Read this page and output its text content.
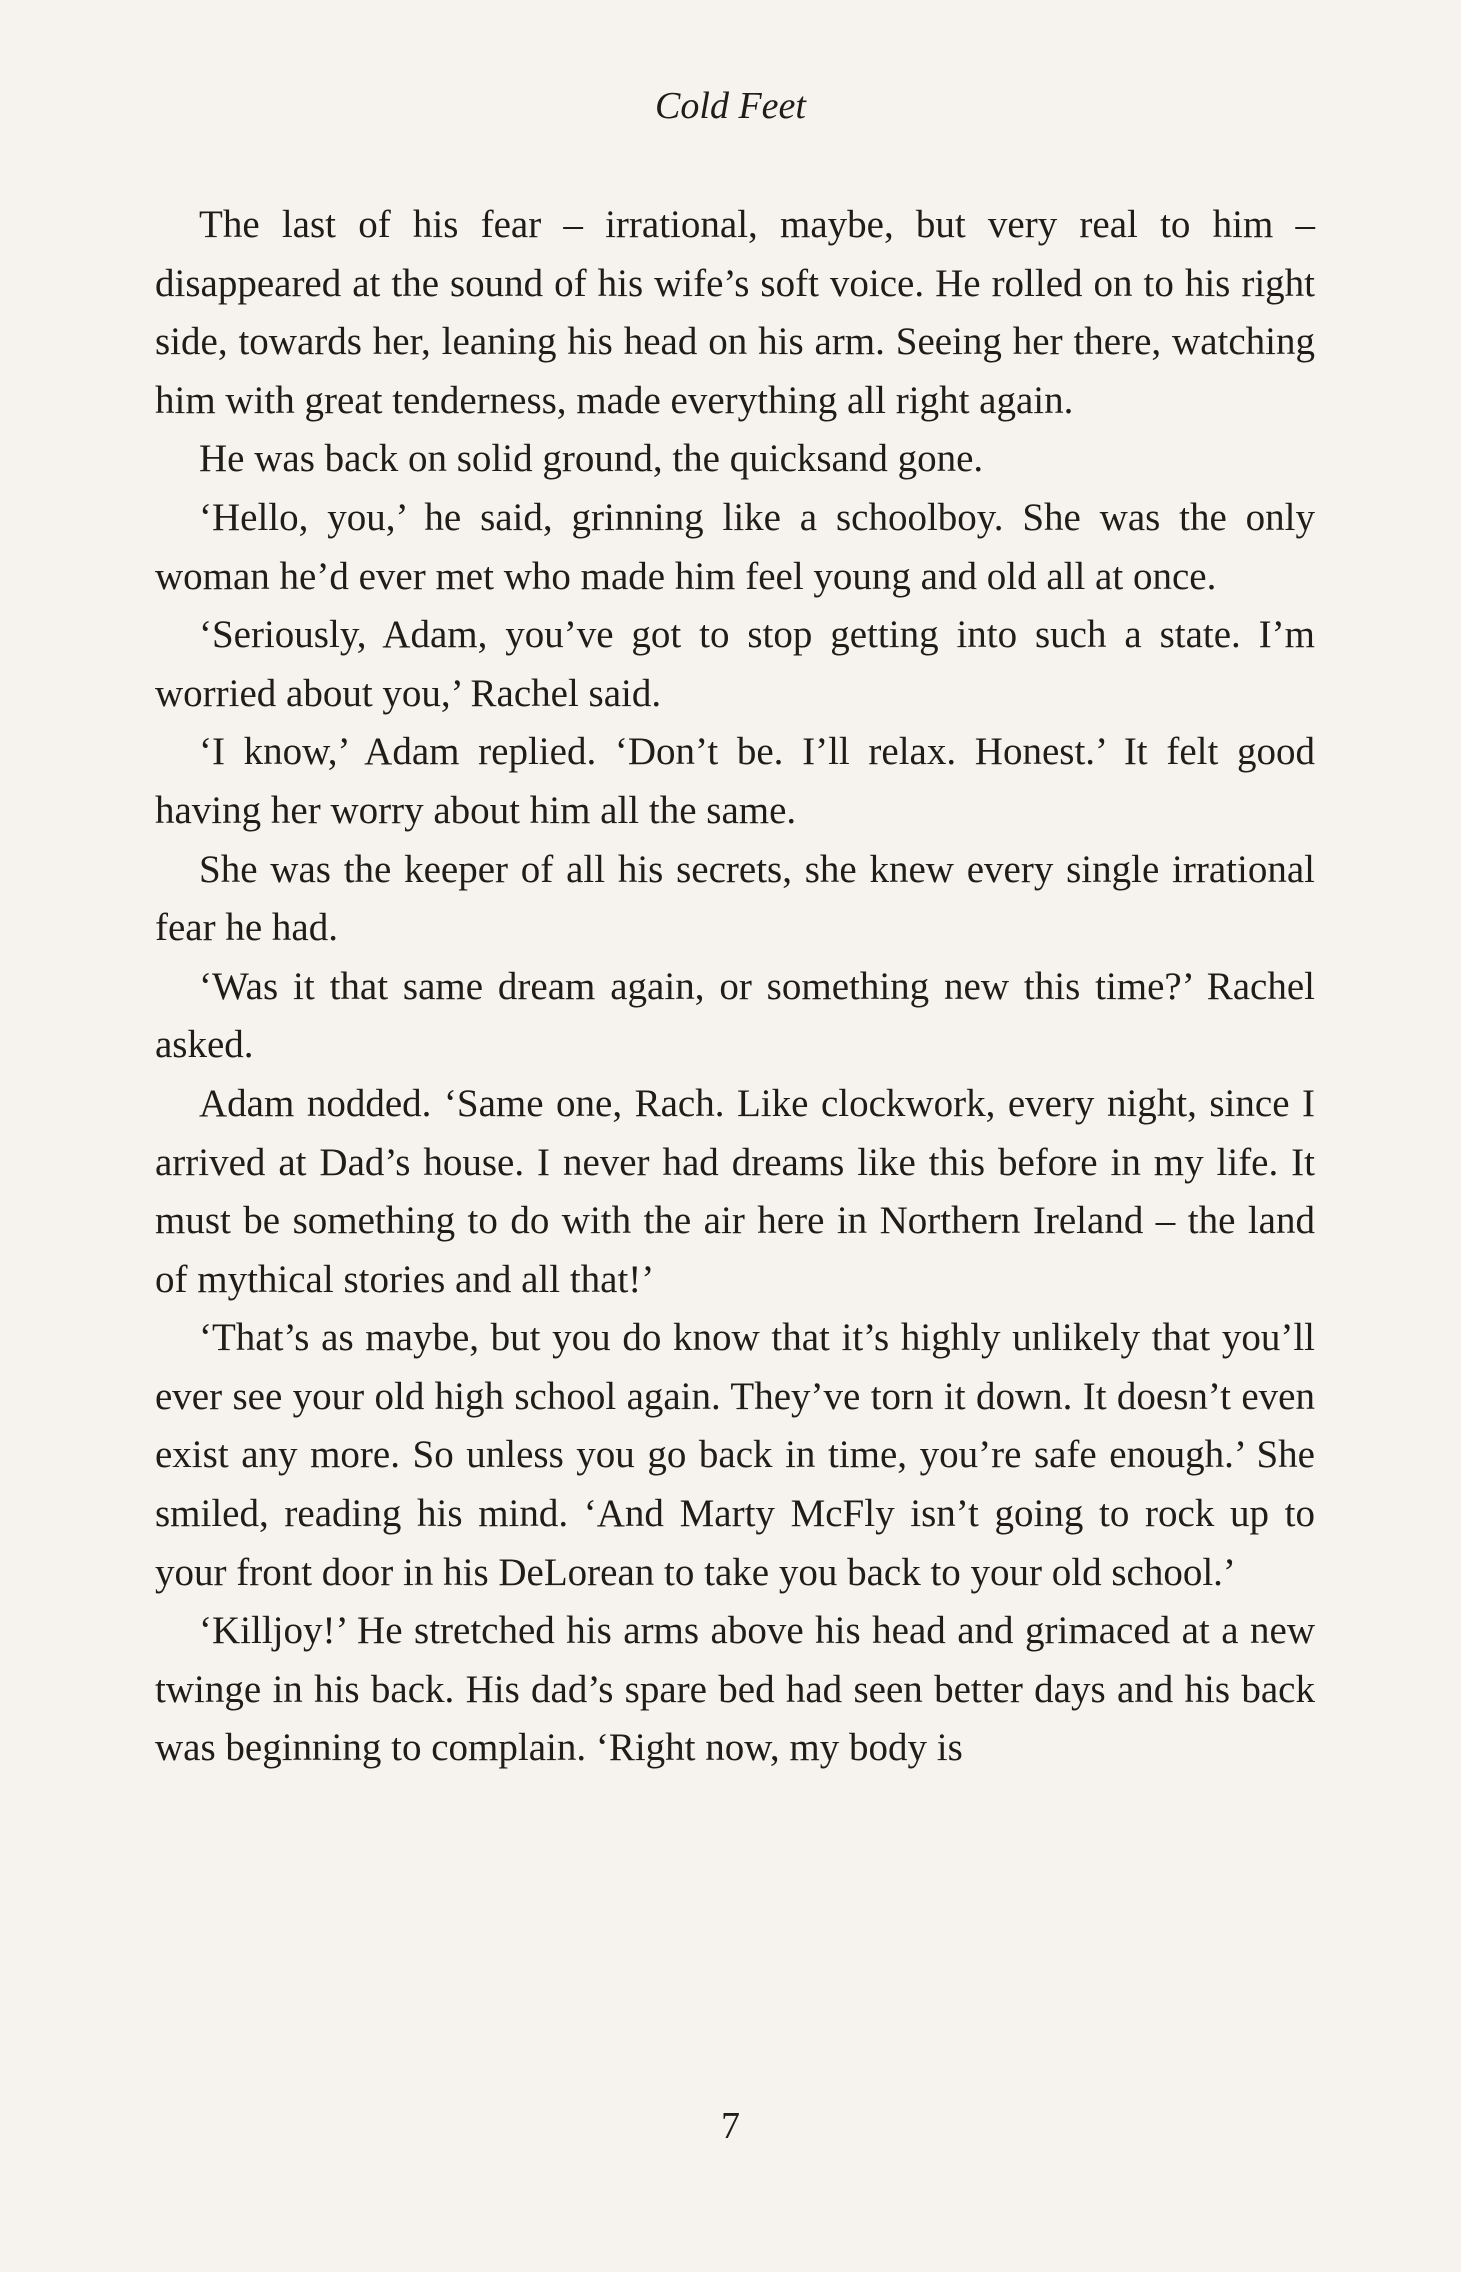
Cold Feet

The last of his fear – irrational, maybe, but very real to him – disappeared at the sound of his wife’s soft voice. He rolled on to his right side, towards her, leaning his head on his arm. Seeing her there, watching him with great tenderness, made everything all right again.

He was back on solid ground, the quicksand gone.

‘Hello, you,’ he said, grinning like a schoolboy. She was the only woman he’d ever met who made him feel young and old all at once.

‘Seriously, Adam, you’ve got to stop getting into such a state. I’m worried about you,’ Rachel said.

‘I know,’ Adam replied. ‘Don’t be. I’ll relax. Honest.’ It felt good having her worry about him all the same.

She was the keeper of all his secrets, she knew every single irrational fear he had.

‘Was it that same dream again, or something new this time?’ Rachel asked.

Adam nodded. ‘Same one, Rach. Like clockwork, every night, since I arrived at Dad’s house. I never had dreams like this before in my life. It must be something to do with the air here in Northern Ireland – the land of mythical stories and all that!’

‘That’s as maybe, but you do know that it’s highly unlikely that you’ll ever see your old high school again. They’ve torn it down. It doesn’t even exist any more. So unless you go back in time, you’re safe enough.’ She smiled, reading his mind. ‘And Marty McFly isn’t going to rock up to your front door in his DeLorean to take you back to your old school.’

‘Killjoy!’ He stretched his arms above his head and grimaced at a new twinge in his back. His dad’s spare bed had seen better days and his back was beginning to complain. ‘Right now, my body is

7
